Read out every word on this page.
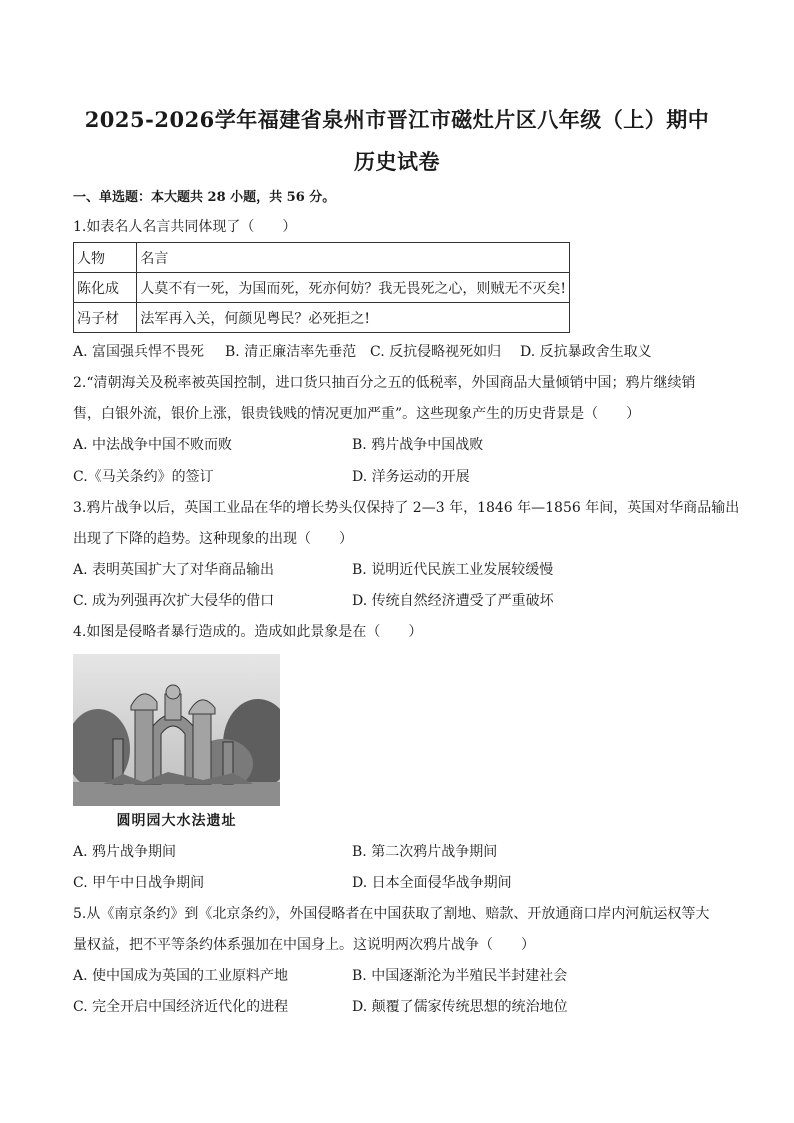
2025-2026学年福建省泉州市晋江市磁灶片区八年级（上）期中
历史试卷
一、单选题：本大题共 28 小题，共 56 分。
1.如表名人名言共同体现了（　　）
人物	名言
陈化成	人莫不有一死，为国而死，死亦何妨？我无畏死之心，则贼无不灭矣!
冯子材	法军再入关，何颜见粤民？必死拒之!
A. 富国强兵悍不畏死 B. 清正廉洁率先垂范 C. 反抗侵略视死如归 D. 反抗暴政舍生取义
2.“清朝海关及税率被英国控制，进口货只抽百分之五的低税率，外国商品大量倾销中国；鸦片继续销
售，白银外流，银价上涨，银贵钱贱的情况更加严重”。这些现象产生的历史背景是（　　）
A. 中法战争中国不败而败	B. 鸦片战争中国战败
C.《马关条约》的签订	D. 洋务运动的开展
3.鸦片战争以后，英国工业品在华的增长势头仅保持了 2—3 年，1846 年—1856 年间，英国对华商品输出
出现了下降的趋势。这种现象的出现（　　）
A. 表明英国扩大了对华商品输出	B. 说明近代民族工业发展较缓慢
C. 成为列强再次扩大侵华的借口	D. 传统自然经济遭受了严重破坏
4.如图是侵略者暴行造成的。造成如此景象是在（　　）
圆明园大水法遗址
A. 鸦片战争期间	B. 第二次鸦片战争期间
C. 甲午中日战争期间	D. 日本全面侵华战争期间
5.从《南京条约》到《北京条约》，外国侵略者在中国获取了割地、赔款、开放通商口岸内河航运权等大
量权益，把不平等条约体系强加在中国身上。这说明两次鸦片战争（　　）
A. 使中国成为英国的工业原料产地	B. 中国逐渐沦为半殖民半封建社会
C. 完全开启中国经济近代化的进程	D. 颠覆了儒家传统思想的统治地位
